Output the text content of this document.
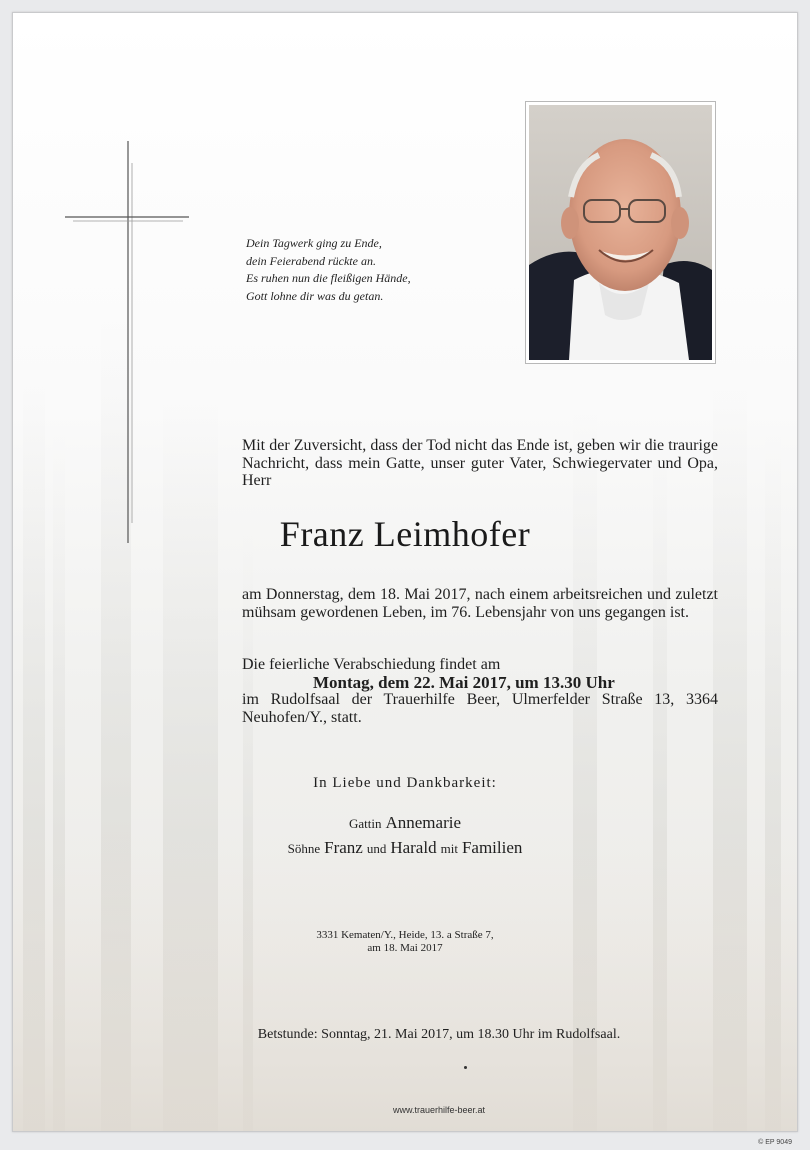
Dein Tagwerk ging zu Ende,
dein Feierabend rückte an.
Es ruhen nun die fleißigen Hände,
Gott lohne dir was du getan.
Mit der Zuversicht, dass der Tod nicht das Ende ist, geben wir die traurige Nachricht, dass mein Gatte, unser guter Vater, Schwiegervater und Opa, Herr
Franz Leimhofer
am Donnerstag, dem 18. Mai 2017, nach einem arbeitsreichen und zuletzt mühsam gewordenen Leben, im 76. Lebensjahr von uns gegangen ist.
Die feierliche Verabschiedung findet am
Montag, dem 22. Mai 2017, um 13.30 Uhr
im Rudolfsaal der Trauerhilfe Beer, Ulmerfelder Straße 13, 3364 Neuhofen/Y., statt.
In Liebe und Dankbarkeit:
Gattin Annemarie
Söhne Franz und Harald mit Familien
3331 Kematen/Y., Heide, 13. a Straße 7,
am 18. Mai 2017
Betstunde: Sonntag, 21. Mai 2017, um 18.30 Uhr im Rudolfsaal.
www.trauerhilfe-beer.at
© EP 9049
